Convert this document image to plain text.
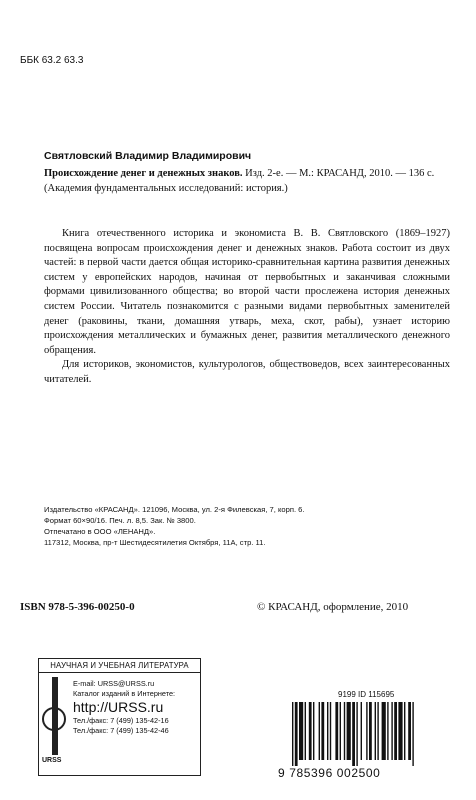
ББК 63.2 63.3
Святловский Владимир Владимирович
Происхождение денег и денежных знаков. Изд. 2-е. — М.: КРАСАНД, 2010. — 136 с. (Академия фундаментальных исследований: история.)

Книга отечественного историка и экономиста В. В. Святловского (1869–1927) посвящена вопросам происхождения денег и денежных знаков. Работа состоит из двух частей: в первой части дается общая историко-сравнительная картина развития денежных систем у европейских народов, начиная от первобытных и заканчивая сложными формами цивилизованного общества; во второй части прослежена история денежных систем России. Читатель познакомится с разными видами первобытных заменителей денег (раковины, ткани, домашняя утварь, меха, скот, рабы), узнает историю происхождения металлических и бумажных денег, развития металлического денежного обращения.

Для историков, экономистов, культурологов, обществоведов, всех заинтересованных читателей.

Издательство «КРАСАНД». 121096, Москва, ул. 2-я Филевская, 7, корп. 6.
Формат 60×90/16. Печ. л. 8,5. Зак. № 3800.
Отпечатано в ООО «ЛЕНАНД».
117312, Москва, пр-т Шестидесятилетия Октября, 11А, стр. 11.
ISBN 978-5-396-00250-0	© КРАСАНД, оформление, 2010
НАУЧНАЯ И УЧЕБНАЯ ЛИТЕРАТУРА
URSS
E-mail: URSS@URSS.ru
Каталог изданий в Интернете:
http://URSS.ru
Тел./факс: 7 (499) 135-42-16
Тел./факс: 7 (499) 135-42-46
9199 ID 115695
9 785396 002500
